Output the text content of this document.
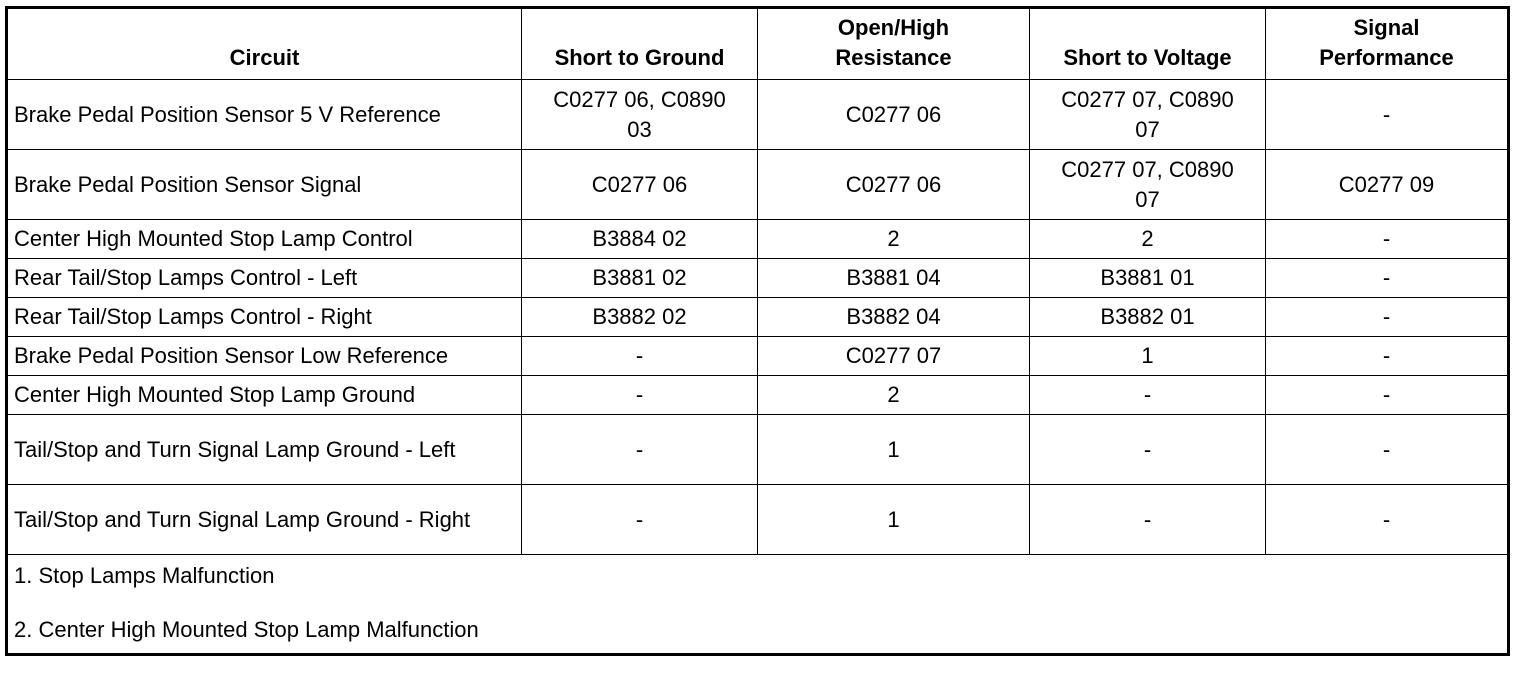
Circuit	Short to Ground	Open/High Resistance	Short to Voltage	Signal Performance
Brake Pedal Position Sensor 5 V Reference	C0277 06, C0890 03	C0277 06	C0277 07, C0890 07	-
Brake Pedal Position Sensor Signal	C0277 06	C0277 06	C0277 07, C0890 07	C0277 09
Center High Mounted Stop Lamp Control	B3884 02	2	2	-
Rear Tail/Stop Lamps Control - Left	B3881 02	B3881 04	B3881 01	-
Rear Tail/Stop Lamps Control - Right	B3882 02	B3882 04	B3882 01	-
Brake Pedal Position Sensor Low Reference	-	C0277 07	1	-
Center High Mounted Stop Lamp Ground	-	2	-	-
Tail/Stop and Turn Signal Lamp Ground - Left	-	1	-	-
Tail/Stop and Turn Signal Lamp Ground - Right	-	1	-	-

1. Stop Lamps Malfunction
2. Center High Mounted Stop Lamp Malfunction				
